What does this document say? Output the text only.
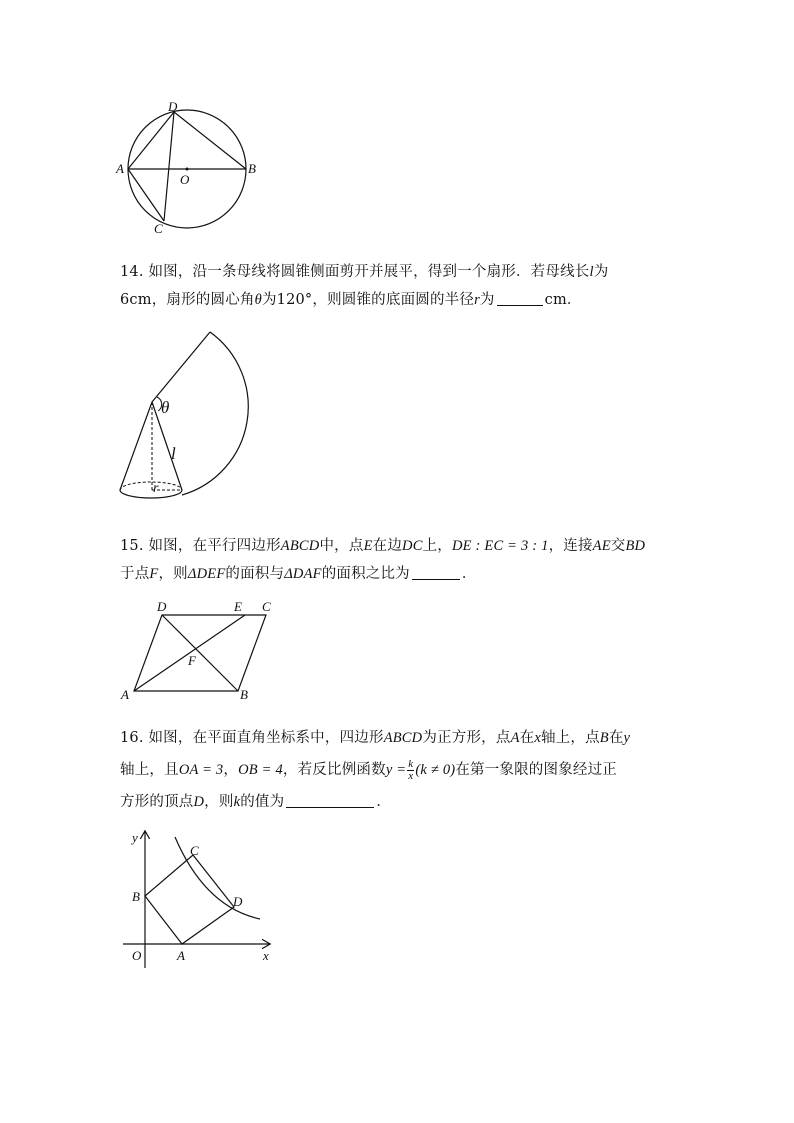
D
A
O
B
C
14. 如图，沿一条母线将圆锥侧面剪开并展平，得到一个扇形．若母线长l为
6cm，扇形的圆心角θ为120°，则圆锥的底面圆的半径r为	cm．
θ
l
r
15. 如图，在平行四边形ABCD中，点E在边DC上，DE : EC = 3 : 1，连接AE交BD
于点F，则ΔDEF的面积与ΔDAF的面积之比为	．
D	E C
F
A	B
16. 如图，在平面直角坐标系中，四边形ABCD为正方形，点A在x轴上，点B在y
轴上，且OA = 3，OB = 4，若反比例函数$y = \frac{k}{x} (k \ne 0)$在第一象限的图象经过正
方形的顶点D，则k的值为	．
y
C
B	D
O	A	x
